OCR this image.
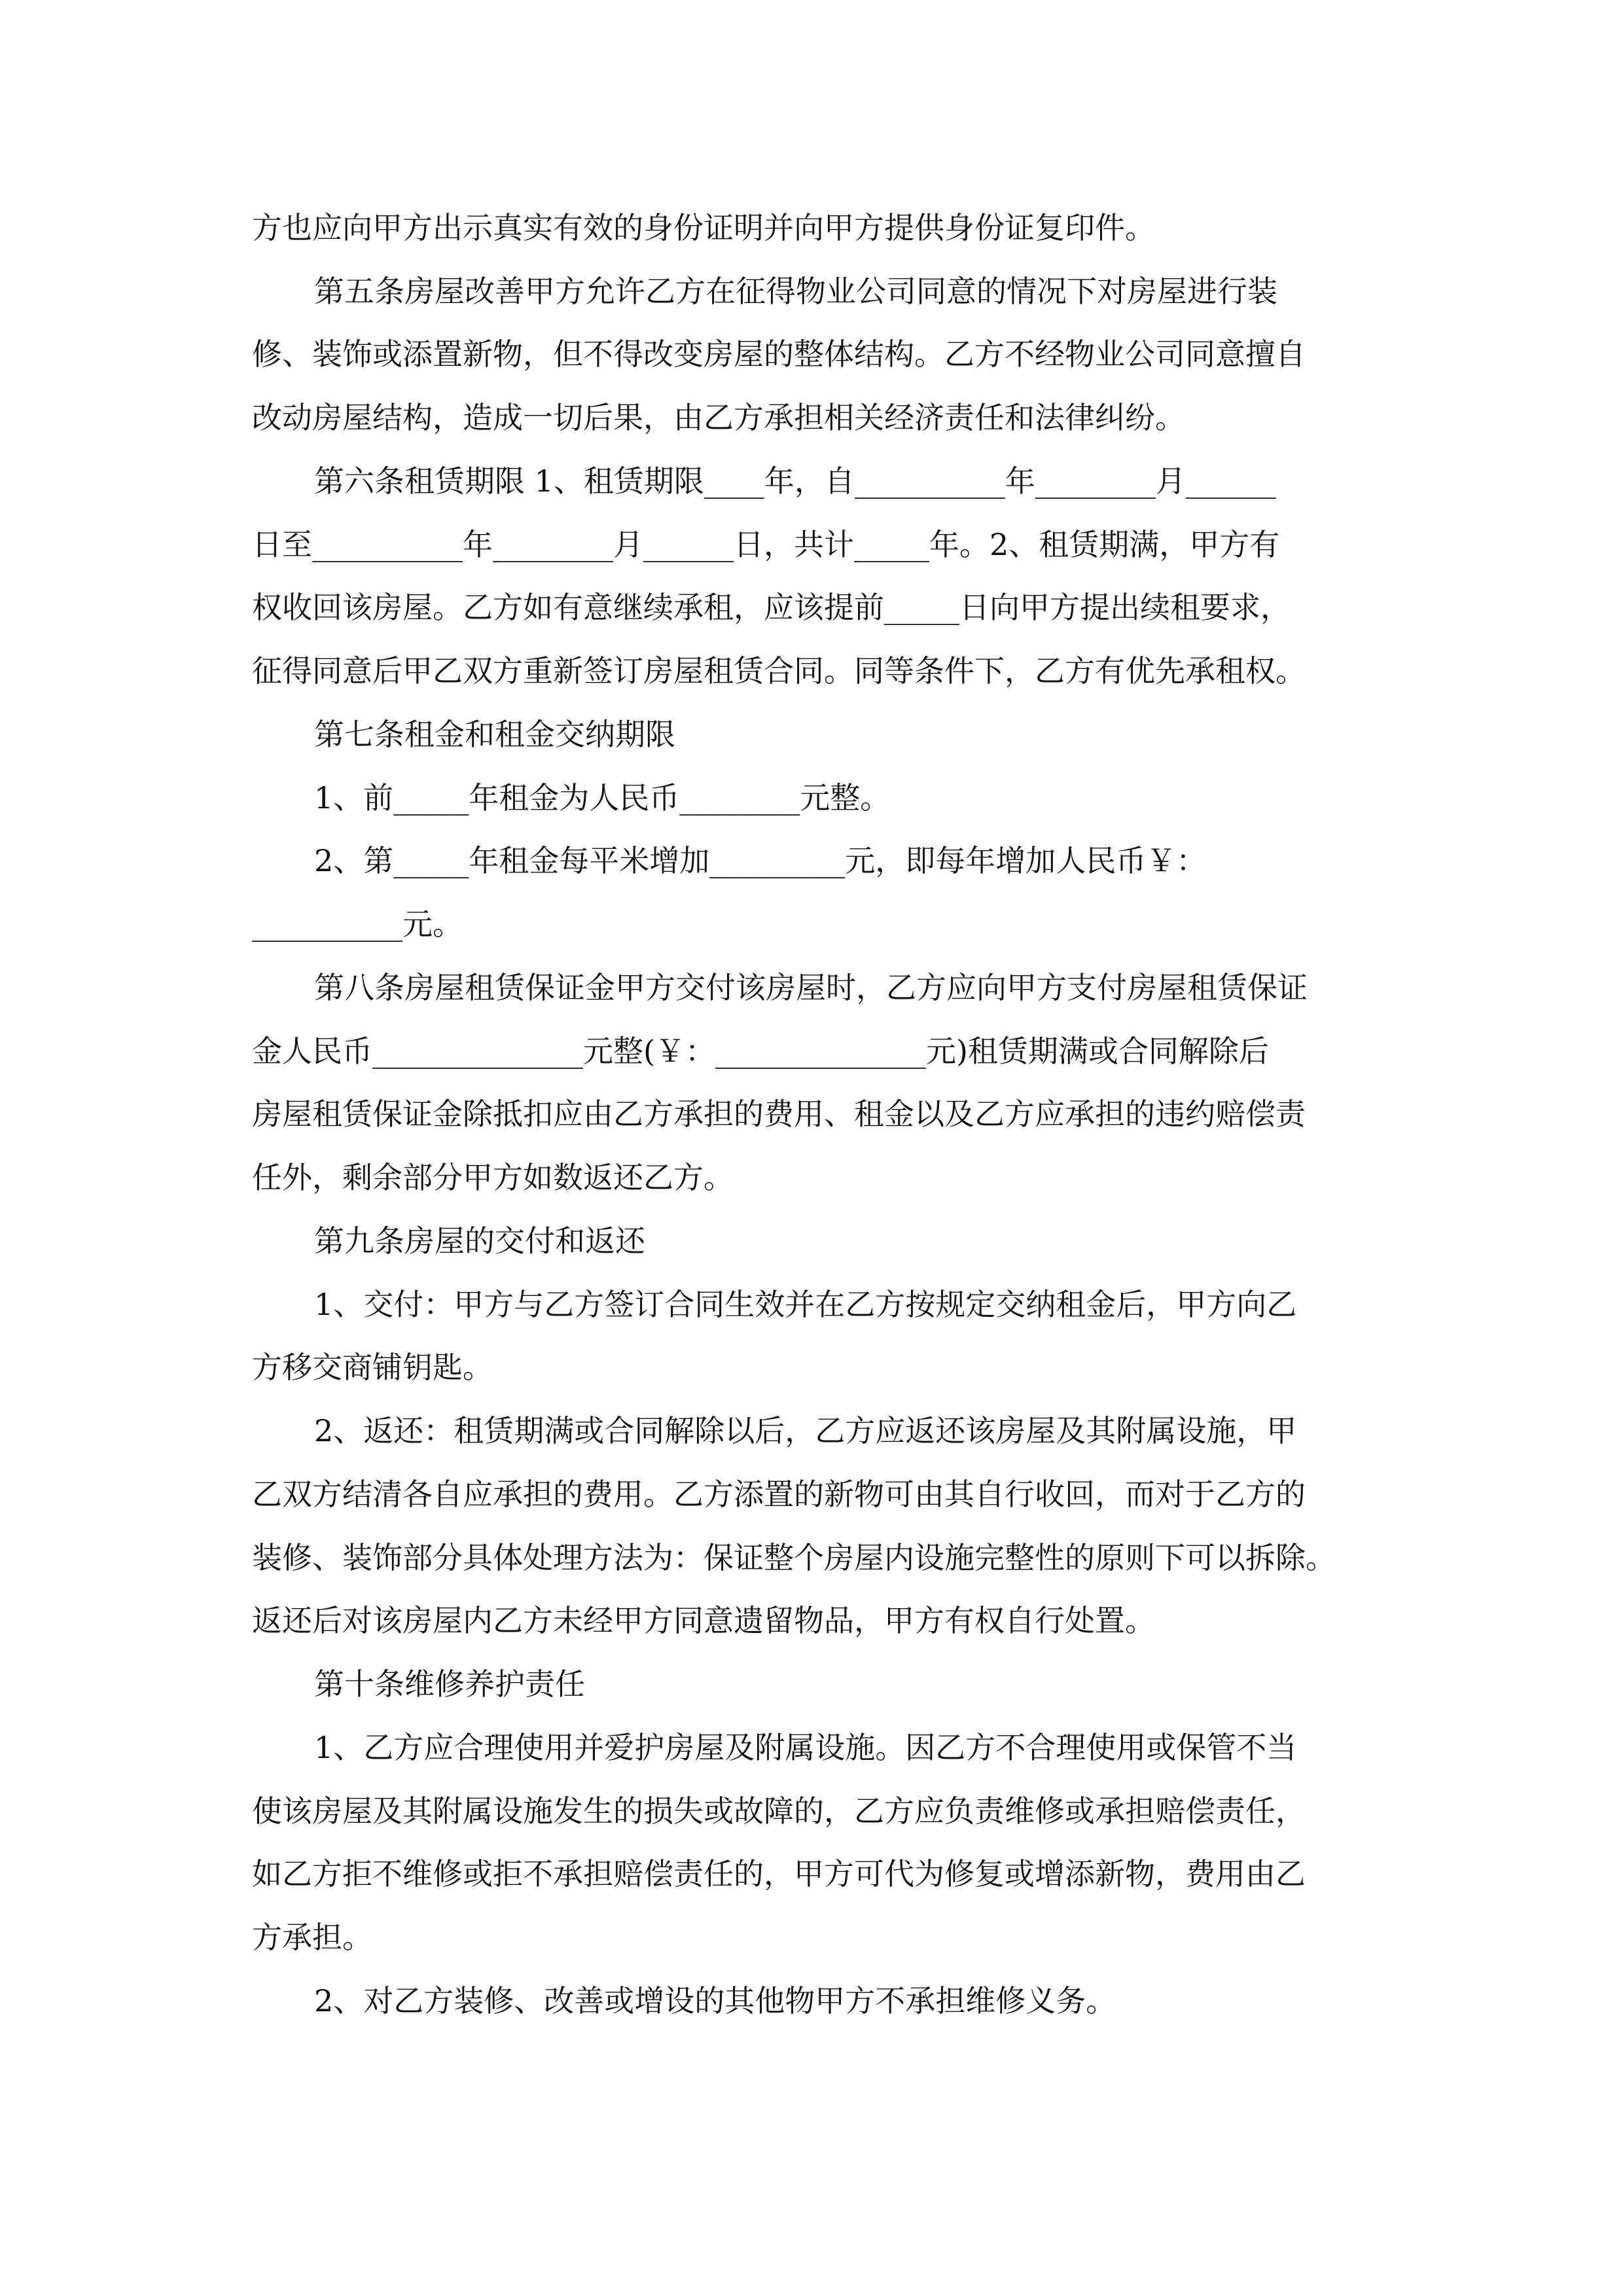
方也应向甲方出示真实有效的身份证明并向甲方提供身份证复印件。
第五条房屋改善甲方允许乙方在征得物业公司同意的情况下对房屋进行装
修、装饰或添置新物，但不得改变房屋的整体结构。乙方不经物业公司同意擅自
改动房屋结构，造成一切后果，由乙方承担相关经济责任和法律纠纷。
第六条租赁期限 1、租赁期限____年，自__________年________月______
日至__________年________月______日，共计_____年。2、租赁期满，甲方有
权收回该房屋。乙方如有意继续承租，应该提前_____日向甲方提出续租要求，
征得同意后甲乙双方重新签订房屋租赁合同。同等条件下，乙方有优先承租权。
第七条租金和租金交纳期限
1、前_____年租金为人民币________元整。
2、第_____年租金每平米增加_________元，即每年增加人民币￥：
__________元。
第八条房屋租赁保证金甲方交付该房屋时，乙方应向甲方支付房屋租赁保证
金人民币______________元整(￥：______________元)租赁期满或合同解除后
房屋租赁保证金除抵扣应由乙方承担的费用、租金以及乙方应承担的违约赔偿责
任外，剩余部分甲方如数返还乙方。
第九条房屋的交付和返还
1、交付：甲方与乙方签订合同生效并在乙方按规定交纳租金后，甲方向乙
方移交商铺钥匙。
2、返还：租赁期满或合同解除以后，乙方应返还该房屋及其附属设施，甲
乙双方结清各自应承担的费用。乙方添置的新物可由其自行收回，而对于乙方的
装修、装饰部分具体处理方法为：保证整个房屋内设施完整性的原则下可以拆除。
返还后对该房屋内乙方未经甲方同意遗留物品，甲方有权自行处置。
第十条维修养护责任
1、乙方应合理使用并爱护房屋及附属设施。因乙方不合理使用或保管不当
使该房屋及其附属设施发生的损失或故障的，乙方应负责维修或承担赔偿责任，
如乙方拒不维修或拒不承担赔偿责任的，甲方可代为修复或增添新物，费用由乙
方承担。
2、对乙方装修、改善或增设的其他物甲方不承担维修义务。
